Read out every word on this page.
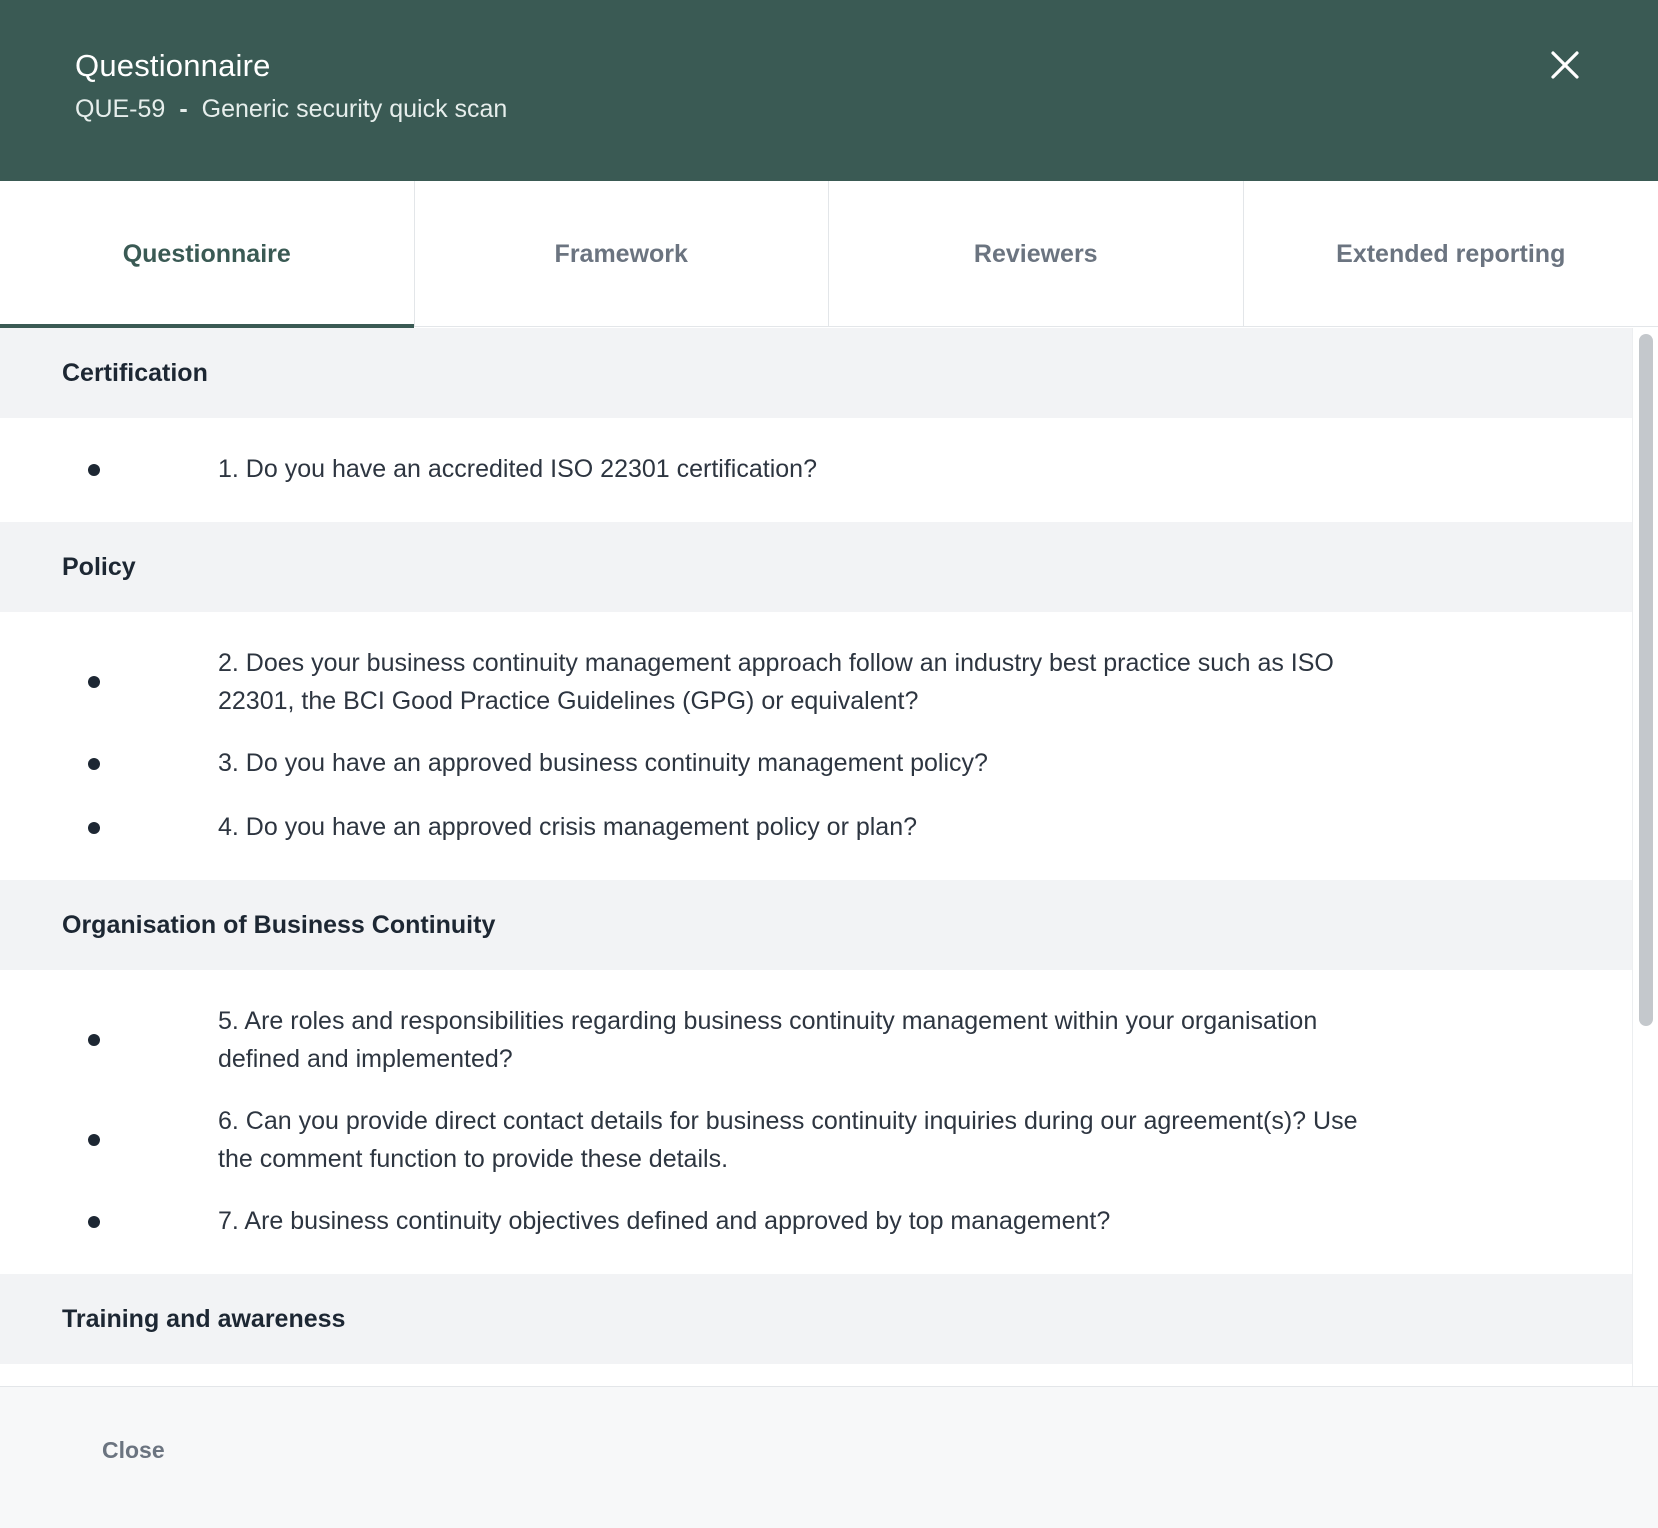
Questionnaire
QUE-59 - Generic security quick scan
Questionnaire	Framework	Reviewers	Extended reporting
Certification
1. Do you have an accredited ISO 22301 certification?
Policy
2. Does your business continuity management approach follow an industry best practice such as ISO 22301, the BCI Good Practice Guidelines (GPG) or equivalent?
3. Do you have an approved business continuity management policy?
4. Do you have an approved crisis management policy or plan?
Organisation of Business Continuity
5. Are roles and responsibilities regarding business continuity management within your organisation defined and implemented?
6. Can you provide direct contact details for business continuity inquiries during our agreement(s)? Use the comment function to provide these details.
7. Are business continuity objectives defined and approved by top management?
Training and awareness
Close
